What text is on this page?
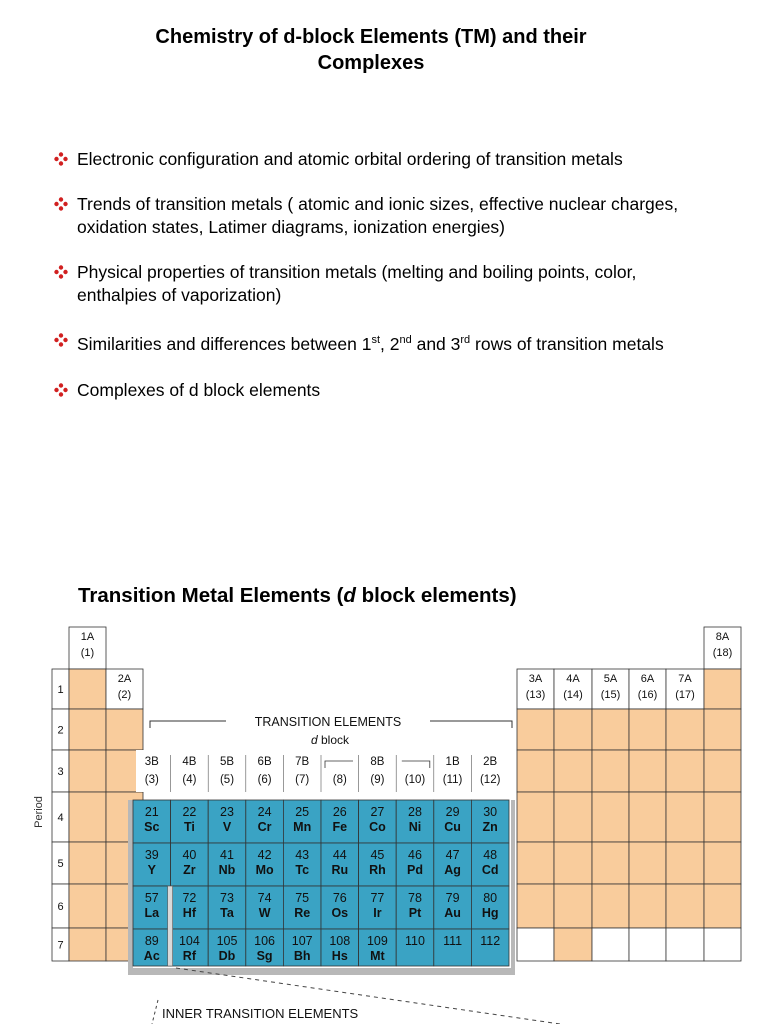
Chemistry of d-block Elements (TM) and their
Complexes
Electronic configuration and atomic orbital ordering of transition metals
Trends of transition metals ( atomic and ionic sizes, effective nuclear charges,
oxidation states, Latimer diagrams, ionization energies)
Physical properties of transition metals (melting and boiling points, color,
enthalpies of vaporization)
Similarities and differences between 1st, 2nd and 3rd rows of transition metals
Complexes of d block elements
Transition Metal Elements (d block elements)
1
2
3
4
5
6
7
Period
1A
(1)
2A
(2)
3A
(13)
4A
(14)
5A
(15)
6A
(16)
7A
(17)
8A
(18)
TRANSITION ELEMENTS
d block
3B
(3)
4B
(4)
5B
(5)
6B
(6)
7B
(7) (8) (9) (10)
1B
(11)
2B
(12)
8B
21
Sc
22
Ti
23
V
24
Cr
25
Mn
26
Fe
27
Co
28
Ni
29
Cu
30
Zn
39
Y
40
Zr
41
Nb
42
Mo
43
Tc
44
Ru
45
Rh
46
Pd
47
Ag
48
Cd
57
La
72
Hf
73
Ta
74
W
75
Re
76
Os
77
Ir
78
Pt
79
Au
80
Hg
89
Ac
104
Rf
105
Db
106
Sg
107
Bh
108
Hs
109
Mt
110 111 112
INNER TRANSITION ELEMENTS
